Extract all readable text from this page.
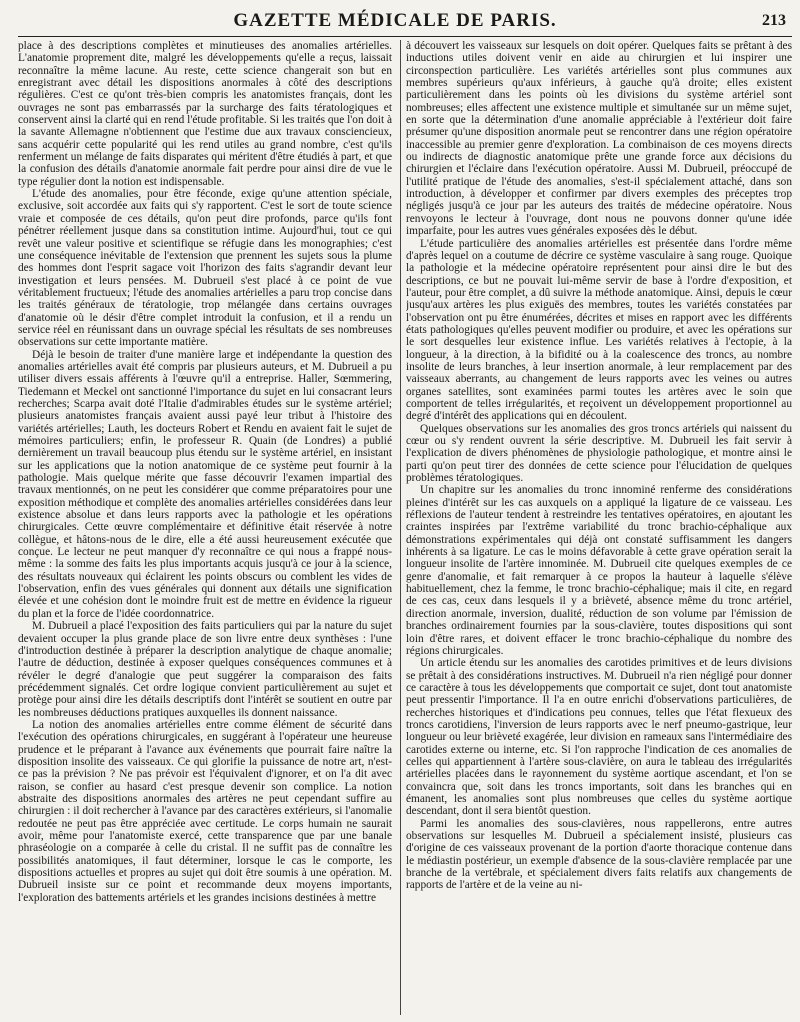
GAZETTE MÉDICALE DE PARIS.	213

place à des descriptions complètes et minutieuses des anomalies artérielles. L'anatomie proprement dite, malgré les développements qu'elle a reçus, laissait reconnaître la même lacune. Au reste, cette science changerait son but en enregistrant avec détail les dispositions anormales à côté des descriptions régulières. C'est ce qu'ont très-bien compris les anatomistes français, dont les ouvrages ne sont pas embarrassés par la surcharge des faits tératologiques et conservent ainsi la clarté qui en rend l'étude profitable. Si les traités que l'on doit à la savante Allemagne n'obtiennent que l'estime due aux travaux consciencieux, sans acquérir cette popularité qui les rend utiles au grand nombre, c'est qu'ils renferment un mélange de faits disparates qui méritent d'être étudiés à part, et que la confusion des détails d'anatomie anormale fait perdre pour ainsi dire de vue le type régulier dont la notion est indispensable.

L'étude des anomalies, pour être féconde, exige qu'une attention spéciale, exclusive, soit accordée aux faits qui s'y rapportent. C'est le sort de toute science vraie et composée de ces détails, qu'on peut dire profonds, parce qu'ils font pénétrer réellement jusque dans sa constitution intime. Aujourd'hui, tout ce qui revêt une valeur positive et scientifique se réfugie dans les monographies; c'est une conséquence inévitable de l'extension que prennent les sujets sous la plume des hommes dont l'esprit sagace voit l'horizon des faits s'agrandir devant leur investigation et leurs pensées. M. Dubrueil s'est placé à ce point de vue véritablement fructueux; l'étude des anomalies artérielles a paru trop concise dans les traités généraux de tératologie, trop mélangée dans certains ouvrages d'anatomie où le désir d'être complet introduit la confusion, et il a rendu un service réel en réunissant dans un ouvrage spécial les résultats de ses nombreuses observations sur cette importante matière.

Déjà le besoin de traiter d'une manière large et indépendante la question des anomalies artérielles avait été compris par plusieurs auteurs, et M. Dubrueil a pu utiliser divers essais afférents à l'œuvre qu'il a entreprise. Haller, Sœmmering, Tiedemann et Meckel ont sanctionné l'importance du sujet en lui consacrant leurs recherches; Scarpa avait doté l'Italie d'admirables études sur le système artériel; plusieurs anatomistes français avaient aussi payé leur tribut à l'histoire des variétés artérielles; Lauth, les docteurs Robert et Rendu en avaient fait le sujet de mémoires particuliers; enfin, le professeur R. Quain (de Londres) a publié dernièrement un travail beaucoup plus étendu sur le système artériel, en insistant sur les applications que la notion anatomique de ce système peut fournir à la pathologie. Mais quelque mérite que fasse découvrir l'examen impartial des travaux mentionnés, on ne peut les considérer que comme préparatoires pour une exposition méthodique et complète des anomalies artérielles considérées dans leur existence absolue et dans leurs rapports avec la pathologie et les opérations chirurgicales. Cette œuvre complémentaire et définitive était réservée à notre collègue, et hâtons-nous de le dire, elle a été aussi heureusement exécutée que conçue. Le lecteur ne peut manquer d'y reconnaître ce qui nous a frappé nous-même : la somme des faits les plus importants acquis jusqu'à ce jour à la science, des résultats nouveaux qui éclairent les points obscurs ou comblent les vides de l'observation, enfin des vues générales qui donnent aux détails une signification élevée et une cohésion dont le moindre fruit est de mettre en évidence la rigueur du plan et la force de l'idée coordonnatrice.

M. Dubrueil a placé l'exposition des faits particuliers qui par la nature du sujet devaient occuper la plus grande place de son livre entre deux synthèses : l'une d'introduction destinée à préparer la description analytique de chaque anomalie; l'autre de déduction, destinée à exposer quelques conséquences communes et à révéler le degré d'analogie que peut suggérer la comparaison des faits précédemment signalés. Cet ordre logique convient particulièrement au sujet et protège pour ainsi dire les détails descriptifs dont l'intérêt se soutient en outre par les nombreuses déductions pratiques auxquelles ils donnent naissance.

La notion des anomalies artérielles entre comme élément de sécurité dans l'exécution des opérations chirurgicales, en suggérant à l'opérateur une heureuse prudence et le préparant à l'avance aux événements que pourrait faire naître la disposition insolite des vaisseaux. Ce qui glorifie la puissance de notre art, n'est-ce pas la prévision ? Ne pas prévoir est l'équivalent d'ignorer, et on l'a dit avec raison, se confier au hasard c'est presque devenir son complice. La notion abstraite des dispositions anormales des artères ne peut cependant suffire au chirurgien : il doit rechercher à l'avance par des caractères extérieurs, si l'anomalie redoutée ne peut pas être appréciée avec certitude. Le corps humain ne saurait avoir, même pour l'anatomiste exercé, cette transparence que par une banale phraséologie on a comparée à celle du cristal. Il ne suffit pas de connaître les possibilités anatomiques, il faut déterminer, lorsque le cas le comporte, les dispositions actuelles et propres au sujet qui doit être soumis à une opération. M. Dubrueil insiste sur ce point et recommande deux moyens importants, l'exploration des battements artériels et les grandes incisions destinées à mettre

à découvert les vaisseaux sur lesquels on doit opérer. Quelques faits se prêtant à des inductions utiles doivent venir en aide au chirurgien et lui inspirer une circonspection particulière. Les variétés artérielles sont plus communes aux membres supérieurs qu'aux inférieurs, à gauche qu'à droite; elles existent particulièrement dans les points où les divisions du système artériel sont nombreuses; elles affectent une existence multiple et simultanée sur un même sujet, en sorte que la détermination d'une anomalie appréciable à l'extérieur doit faire présumer qu'une disposition anormale peut se rencontrer dans une région opératoire inaccessible au premier genre d'exploration. La combinaison de ces moyens directs ou indirects de diagnostic anatomique prête une grande force aux décisions du chirurgien et l'éclaire dans l'exécution opératoire. Aussi M. Dubrueil, préoccupé de l'utilité pratique de l'étude des anomalies, s'est-il spécialement attaché, dans son introduction, à développer et confirmer par divers exemples des préceptes trop négligés jusqu'à ce jour par les auteurs des traités de médecine opératoire. Nous renvoyons le lecteur à l'ouvrage, dont nous ne pouvons donner qu'une idée imparfaite, pour les autres vues générales exposées dès le début.

L'étude particulière des anomalies artérielles est présentée dans l'ordre même d'après lequel on a coutume de décrire ce système vasculaire à sang rouge. Quoique la pathologie et la médecine opératoire représentent pour ainsi dire le but des descriptions, ce but ne pouvait lui-même servir de base à l'ordre d'exposition, et l'auteur, pour être complet, a dû suivre la méthode anatomique. Ainsi, depuis le cœur jusqu'aux artères les plus exiguës des membres, toutes les variétés constatées par l'observation ont pu être énumérées, décrites et mises en rapport avec les différents états pathologiques qu'elles peuvent modifier ou produire, et avec les opérations sur le sort desquelles leur existence influe. Les variétés relatives à l'ectopie, à la longueur, à la direction, à la bifidité ou à la coalescence des troncs, au nombre insolite de leurs branches, à leur insertion anormale, à leur remplacement par des vaisseaux aberrants, au changement de leurs rapports avec les veines ou autres organes satellites, sont examinées parmi toutes les artères avec le soin que comportent de telles irrégularités, et reçoivent un développement proportionnel au degré d'intérêt des applications qui en découlent.

Quelques observations sur les anomalies des gros troncs artériels qui naissent du cœur ou s'y rendent ouvrent la série descriptive. M. Dubrueil les fait servir à l'explication de divers phénomènes de physiologie pathologique, et montre ainsi le parti qu'on peut tirer des données de cette science pour l'élucidation de quelques problèmes tératologiques.

Un chapitre sur les anomalies du tronc innominé renferme des considérations pleines d'intérêt sur les cas auxquels on a appliqué la ligature de ce vaisseau. Les réflexions de l'auteur tendent à restreindre les tentatives opératoires, en ajoutant les craintes inspirées par l'extrême variabilité du tronc brachio-céphalique aux démonstrations expérimentales qui déjà ont constaté suffisamment les dangers inhérents à sa ligature. Le cas le moins défavorable à cette grave opération serait la longueur insolite de l'artère innominée. M. Dubrueil cite quelques exemples de ce genre d'anomalie, et fait remarquer à ce propos la hauteur à laquelle s'élève habituellement, chez la femme, le tronc brachio-céphalique; mais il cite, en regard de ces cas, ceux dans lesquels il y a brièveté, absence même du tronc artériel, direction anormale, inversion, dualité, réduction de son volume par l'émission de branches ordinairement fournies par la sous-clavière, toutes dispositions qui sont loin d'être rares, et doivent effacer le tronc brachio-céphalique du nombre des régions chirurgicales.

Un article étendu sur les anomalies des carotides primitives et de leurs divisions se prêtait à des considérations instructives. M. Dubrueil n'a rien négligé pour donner ce caractère à tous les développements que comportait ce sujet, dont tout anatomiste peut pressentir l'importance. Il l'a en outre enrichi d'observations particulières, de recherches historiques et d'indications peu connues, telles que l'état flexueux des troncs carotidiens, l'inversion de leurs rapports avec le nerf pneumo-gastrique, leur longueur ou leur brièveté exagérée, leur division en rameaux sans l'intermédiaire des carotides externe ou interne, etc. Si l'on rapproche l'indication de ces anomalies de celles qui appartiennent à l'artère sous-clavière, on aura le tableau des irrégularités artérielles placées dans le rayonnement du système aortique ascendant, et l'on se convaincra que, soit dans les troncs importants, soit dans les branches qui en émanent, les anomalies sont plus nombreuses que celles du système aortique descendant, dont il sera bientôt question.

Parmi les anomalies des sous-clavières, nous rappellerons, entre autres observations sur lesquelles M. Dubrueil a spécialement insisté, plusieurs cas d'origine de ces vaisseaux provenant de la portion d'aorte thoracique contenue dans le médiastin postérieur, un exemple d'absence de la sous-clavière remplacée par une branche de la vertébrale, et spécialement divers faits relatifs aux changements de rapports de l'artère et de la veine au ni-
